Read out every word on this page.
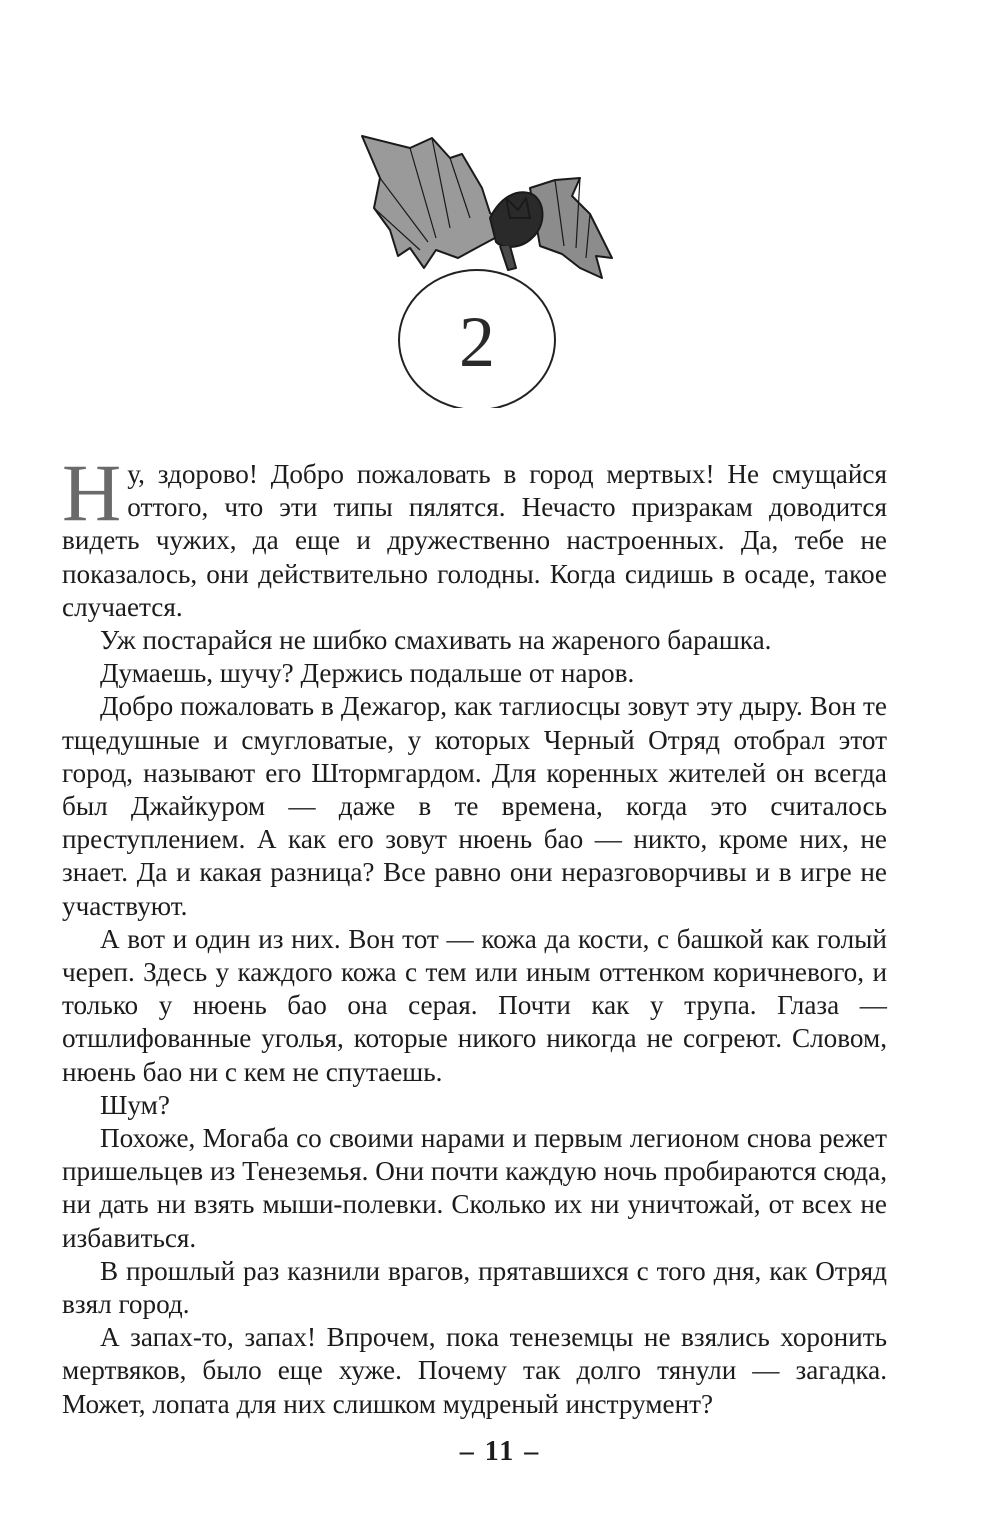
2

Ну, здорово! Добро пожаловать в город мертвых! Не смущайся оттого, что эти типы пялятся. Нечасто призракам доводится видеть чужих, да еще и дружественно настроенных. Да, тебе не показалось, они действительно голодны. Когда сидишь в осаде, такое случается.

Уж постарайся не шибко смахивать на жареного барашка.

Думаешь, шучу? Держись подальше от наров.

Добро пожаловать в Дежагор, как таглиосцы зовут эту дыру. Вон те тщедушные и смугловатые, у которых Черный Отряд отобрал этот город, называют его Штормгардом. Для коренных жителей он всегда был Джайкуром — даже в те времена, когда это считалось преступлением. А как его зовут нюень бао — никто, кроме них, не знает. Да и какая разница? Все равно они неразговорчивы и в игре не участвуют.

А вот и один из них. Вон тот — кожа да кости, с башкой как голый череп. Здесь у каждого кожа с тем или иным оттенком коричневого, и только у нюень бао она серая. Почти как у трупа. Глаза — отшлифованные уголья, которые никого никогда не согреют. Словом, нюень бао ни с кем не спутаешь.

Шум?

Похоже, Могаба со своими нарами и первым легионом снова режет пришельцев из Тенеземья. Они почти каждую ночь пробираются сюда, ни дать ни взять мыши-полевки. Сколько их ни уничтожай, от всех не избавиться.

В прошлый раз казнили врагов, прятавшихся с того дня, как Отряд взял город.

А запах-то, запах! Впрочем, пока тенеземцы не взялись хоронить мертвяков, было еще хуже. Почему так долго тянули — загадка. Может, лопата для них слишком мудреный инструмент?

– 11 –
